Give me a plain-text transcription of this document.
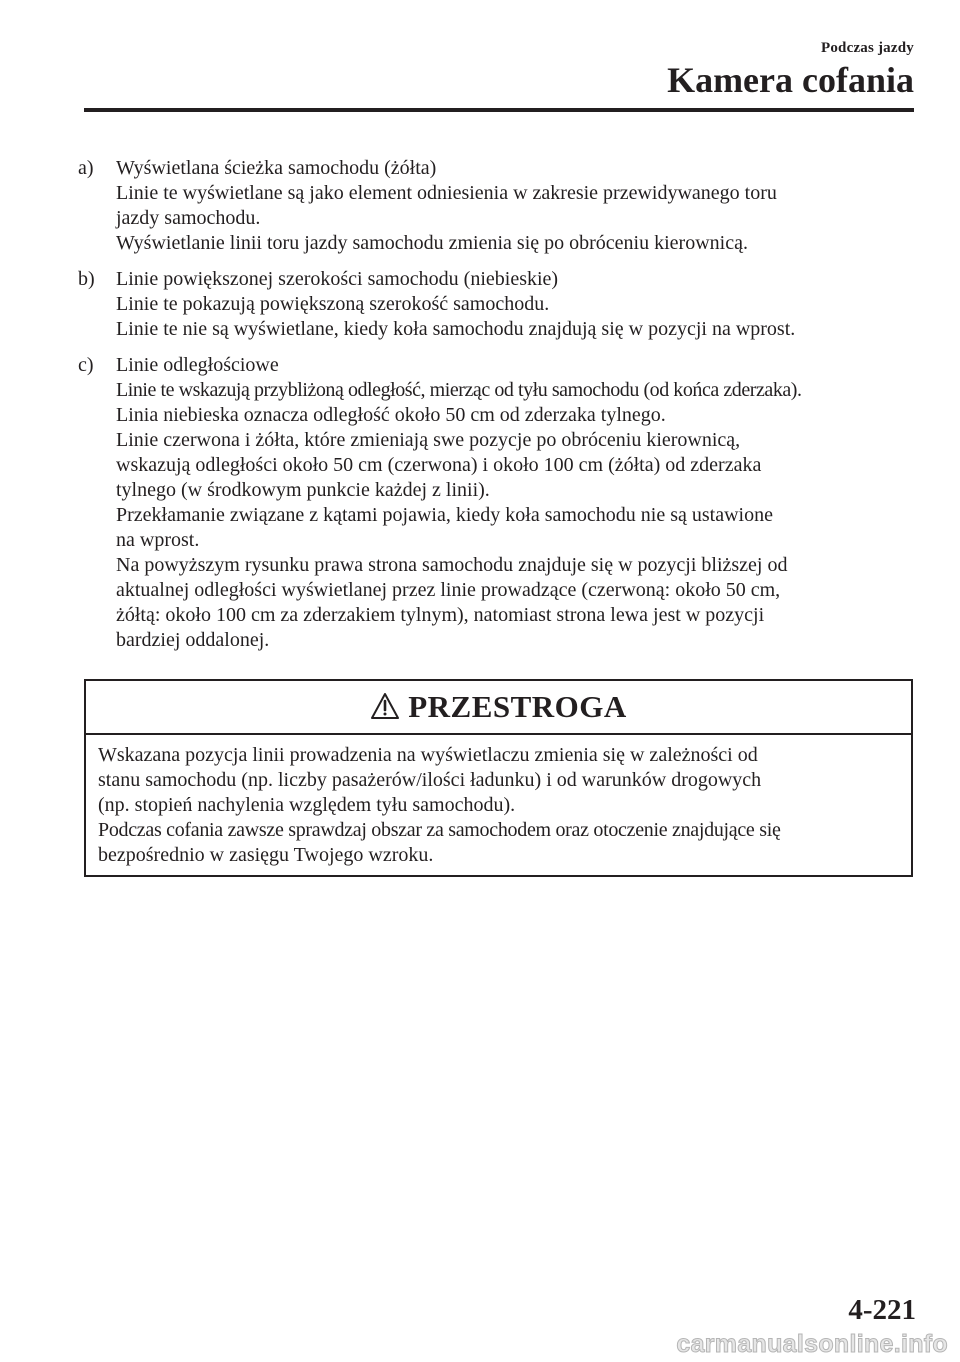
Podczas jazdy
Kamera cofania
a)	Wyświetlana ścieżka samochodu (żółta)

Linie te wyświetlane są jako element odniesienia w zakresie przewidywanego toru

jazdy samochodu.

Wyświetlanie linii toru jazdy samochodu zmienia się po obróceniu kierownicą.

b)	Linie powiększonej szerokości samochodu (niebieskie)

Linie te pokazują powiększoną szerokość samochodu.

Linie te nie są wyświetlane, kiedy koła samochodu znajdują się w pozycji na wprost.

c)	Linie odległościowe

Linie te wskazują przybliżoną odległość, mierząc od tyłu samochodu (od końca zderzaka).

Linia niebieska oznacza odległość około 50 cm od zderzaka tylnego.

Linie czerwona i żółta, które zmieniają swe pozycje po obróceniu kierownicą,

wskazują odległości około 50 cm (czerwona) i około 100 cm (żółta) od zderzaka

tylnego (w środkowym punkcie każdej z linii).

Przekłamanie związane z kątami pojawia, kiedy koła samochodu nie są ustawione

na wprost.

Na powyższym rysunku prawa strona samochodu znajduje się w pozycji bliższej od

aktualnej odległości wyświetlanej przez linie prowadzące (czerwoną: około 50 cm,

żółtą: około 100 cm za zderzakiem tylnym), natomiast strona lewa jest w pozycji

bardziej oddalonej.

PRZESTROGA

Wskazana pozycja linii prowadzenia na wyświetlaczu zmienia się w zależności od

stanu samochodu (np. liczby pasażerów/ilości ładunku) i od warunków drogowych

(np. stopień nachylenia względem tyłu samochodu).

Podczas cofania zawsze sprawdzaj obszar za samochodem oraz otoczenie znajdujące się

bezpośrednio w zasięgu Twojego wzroku.

4-221
carmanualsonline.info
